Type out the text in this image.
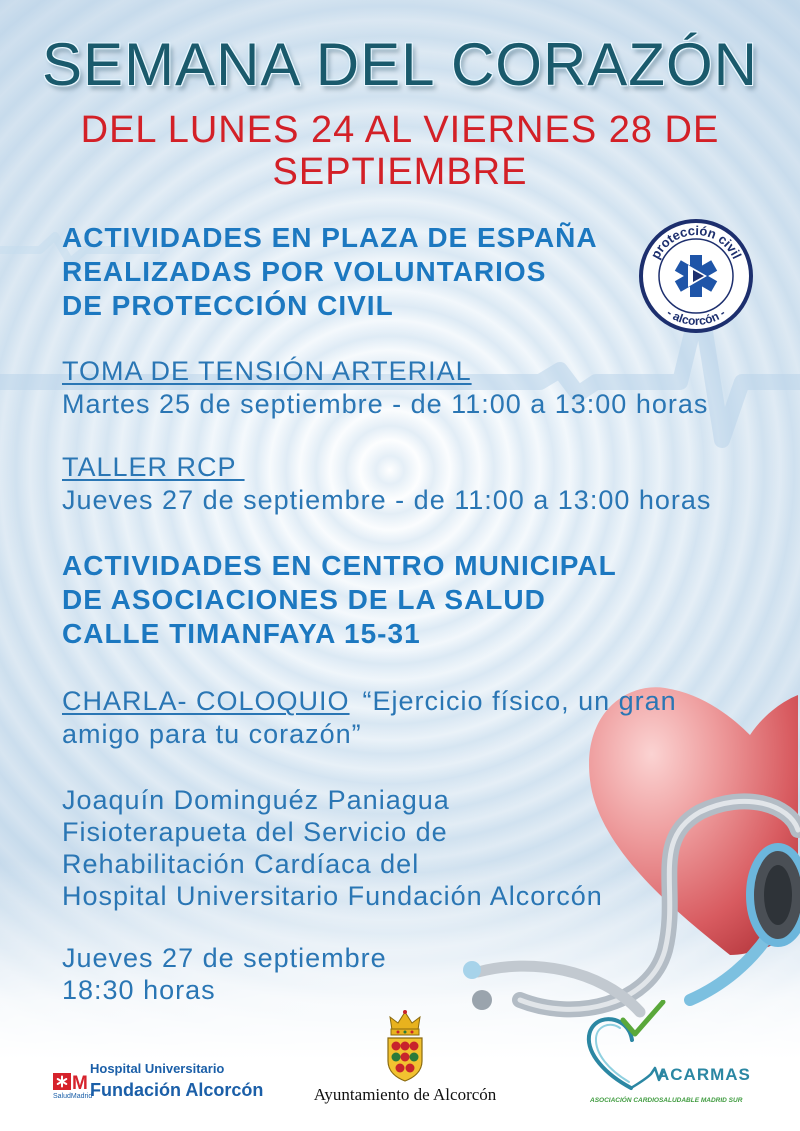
SEMANA DEL CORAZÓN
DEL LUNES 24 AL VIERNES 28 DE
SEPTIEMBRE
ACTIVIDADES EN PLAZA DE ESPAÑA
REALIZADAS POR VOLUNTARIOS
DE PROTECCIÓN CIVIL
protección civil
- alcorcón -
TOMA DE TENSIÓN ARTERIAL
Martes 25 de septiembre - de 11:00 a 13:00 horas
TALLER RCP
Jueves 27 de septiembre - de 11:00 a 13:00 horas
ACTIVIDADES EN CENTRO MUNICIPAL
DE ASOCIACIONES DE LA SALUD
CALLE TIMANFAYA 15-31
CHARLA- COLOQUIO “Ejercicio físico, un gran
amigo para tu corazón”
Joaquín Dominguéz Paniagua
Fisioterapueta del Servicio de
Rehabilitación Cardíaca del
Hospital Universitario Fundación Alcorcón
Jueves 27 de septiembre
18:30 horas
M
SaludMadrid
Hospital Universitario
Fundación Alcorcón	Ayuntamiento de Alcorcón
ACARMAS
ASOCIACIÓN CARDIOSALUDABLE MADRID SUR
